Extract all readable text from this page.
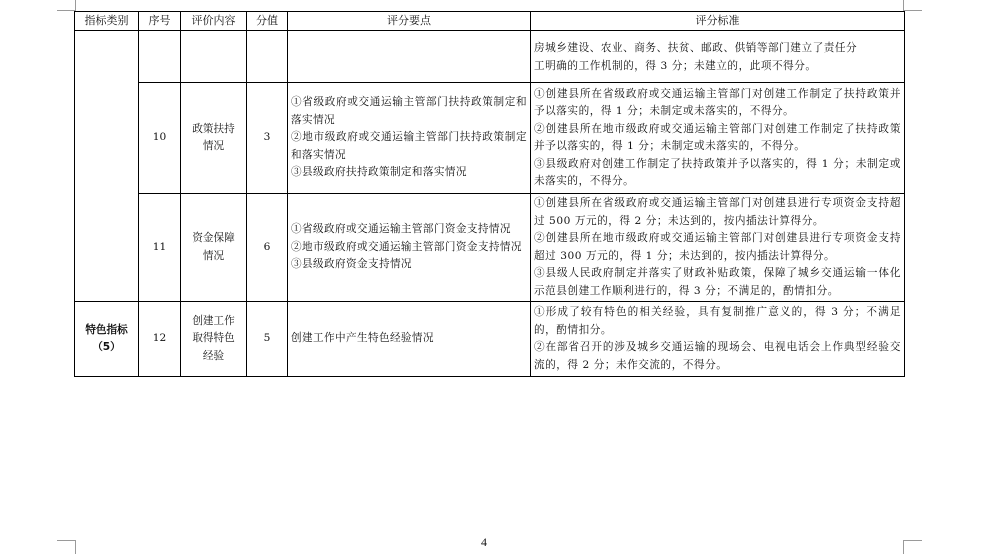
指标类别	序号	评价内容	分值	评分要点	评分标准

					房城乡建设、农业、商务、扶贫、邮政、供销等部门建立了责任分
工明确的工作机制的，得 3 分；未建立的，此项不得分。

	10	政策扶持情况	3	①省级政府或交通运输主管部门扶持政策制定和落实情况
②地市级政府或交通运输主管部门扶持政策制定和落实情况
③县级政府扶持政策制定和落实情况	①创建县所在省级政府或交通运输主管部门对创建工作制定了扶持政策并予以落实的，得 1 分；未制定或未落实的，不得分。
②创建县所在地市级政府或交通运输主管部门对创建工作制定了扶持政策并予以落实的，得 1 分；未制定或未落实的，不得分。
③县级政府对创建工作制定了扶持政策并予以落实的，得 1 分；未制定或未落实的，不得分。

	11	资金保障情况	6	①省级政府或交通运输主管部门资金支持情况
②地市级政府或交通运输主管部门资金支持情况
③县级政府资金支持情况	①创建县所在省级政府或交通运输主管部门对创建县进行专项资金支持超过 500 万元的，得 2 分；未达到的，按内插法计算得分。
②创建县所在地市级政府或交通运输主管部门对创建县进行专项资金支持超过 300 万元的，得 1 分；未达到的，按内插法计算得分。
③县级人民政府制定并落实了财政补贴政策，保障了城乡交通运输一体化示范县创建工作顺利进行的，得 3 分；不满足的，酌情扣分。

特色指标（5）	12	创建工作取得特色经验	5	创建工作中产生特色经验情况	①形成了较有特色的相关经验，具有复制推广意义的，得 3 分；不满足的，酌情扣分。
②在部省召开的涉及城乡交通运输的现场会、电视电话会上作典型经验交流的，得 2 分；未作交流的，不得分。
4
